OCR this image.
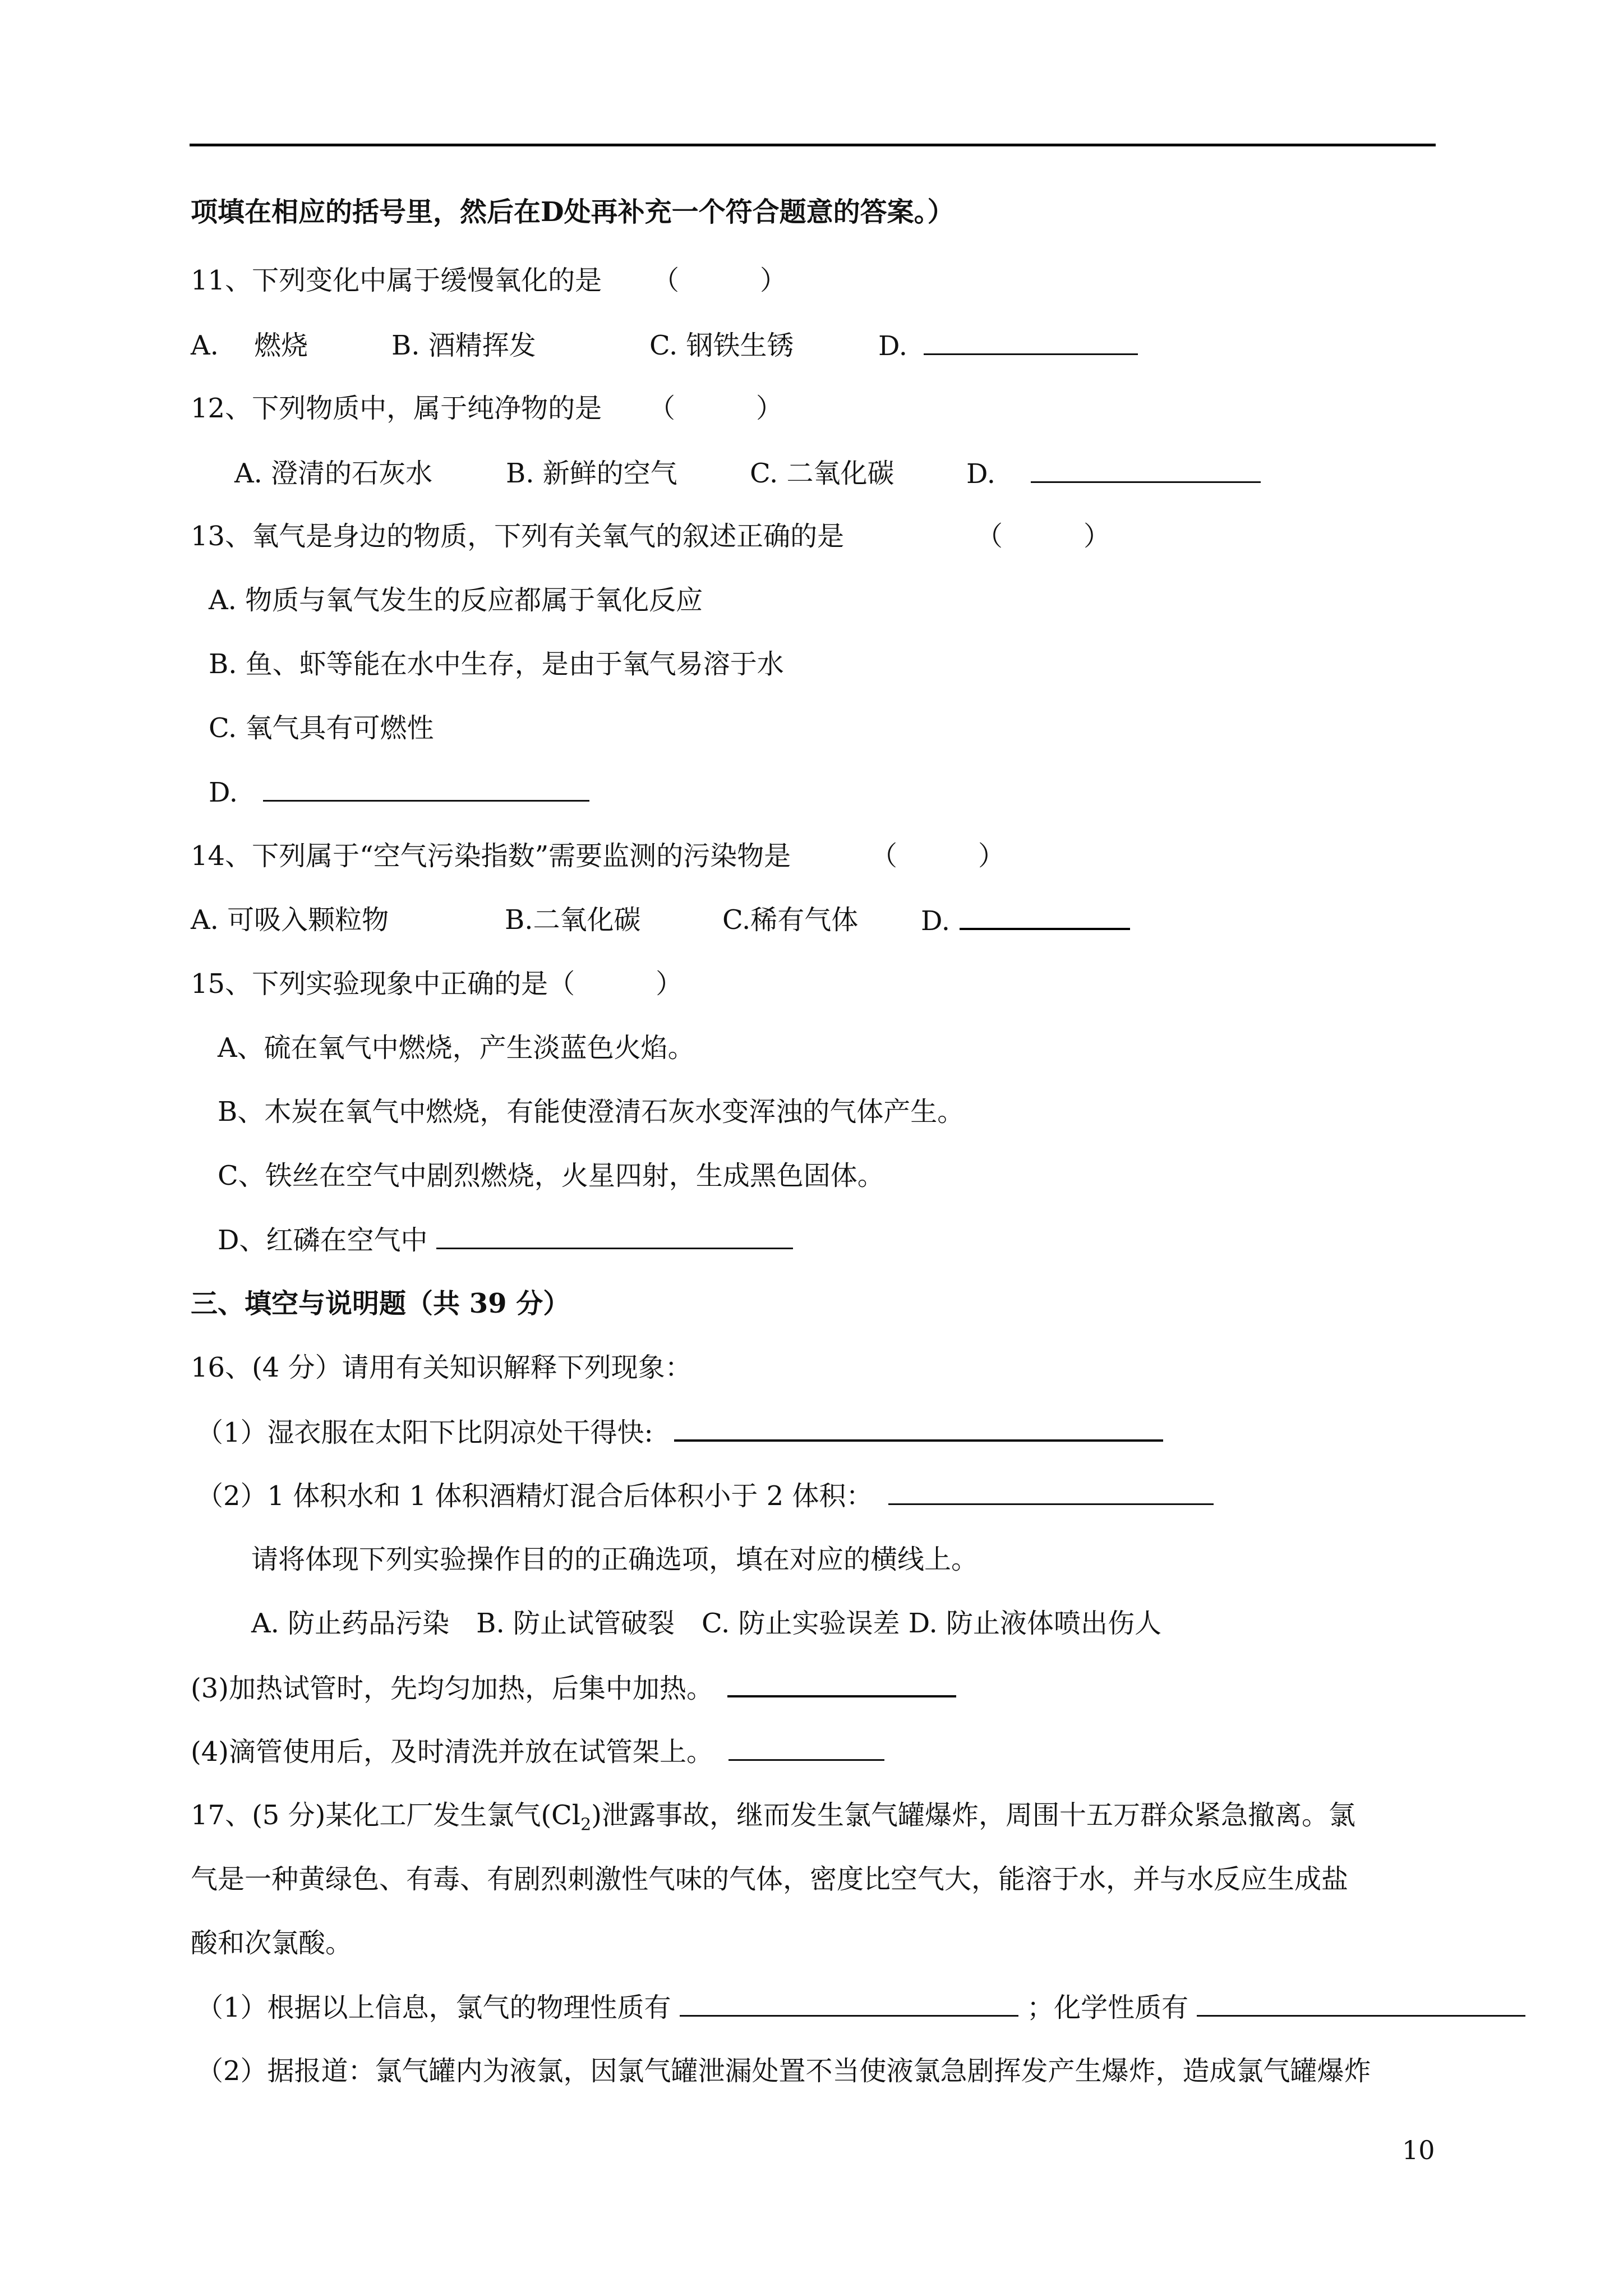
项填在相应的括号里，然后在D处再补充一个符合题意的答案。）
11、下列变化中属于缓慢氧化的是 （　　　）
A.　 燃烧	B. 酒精挥发	C. 钢铁生锈	D.
12、下列物质中，属于纯净物的是 （　　　）
A. 澄清的石灰水	B. 新鲜的空气	C. 二氧化碳	D.
13、氧气是身边的物质，下列有关氧气的叙述正确的是	（　　　）
A. 物质与氧气发生的反应都属于氧化反应
B. 鱼、虾等能在水中生存，是由于氧气易溶于水
C. 氧气具有可燃性
D.
14、下列属于“空气污染指数”需要监测的污染物是	（　　　）
A. 可吸入颗粒物	B.二氧化碳	C.稀有气体 D.
15、下列实验现象中正确的是（　　　）
A、硫在氧气中燃烧，产生淡蓝色火焰。
B、木炭在氧气中燃烧，有能使澄清石灰水变浑浊的气体产生。
C、铁丝在空气中剧烈燃烧，火星四射，生成黑色固体。
D、红磷在空气中
三、填空与说明题（共 39 分）
16、(4 分）请用有关知识解释下列现象：
（1）湿衣服在太阳下比阴凉处干得快:
（2）1 体积水和 1 体积酒精灯混合后体积小于 2 体积：
请将体现下列实验操作目的的正确选项，填在对应的横线上。
A. 防止药品污染　B. 防止试管破裂　C. 防止实验误差 D. 防止液体喷出伤人
(3)加热试管时，先均匀加热，后集中加热。
(4)滴管使用后，及时清洗并放在试管架上。
17、(5 分)某化工厂发生氯气$(Cl_2)$泄露事故，继而发生氯气罐爆炸，周围十五万群众紧急撤离。氯
气是一种黄绿色、有毒、有剧烈刺激性气味的气体，密度比空气大，能溶于水，并与水反应生成盐
酸和次氯酸。
（1）根据以上信息，氯气的物理性质有	；化学性质有
（2）据报道：氯气罐内为液氯，因氯气罐泄漏处置不当使液氯急剧挥发产生爆炸，造成氯气罐爆炸
10
